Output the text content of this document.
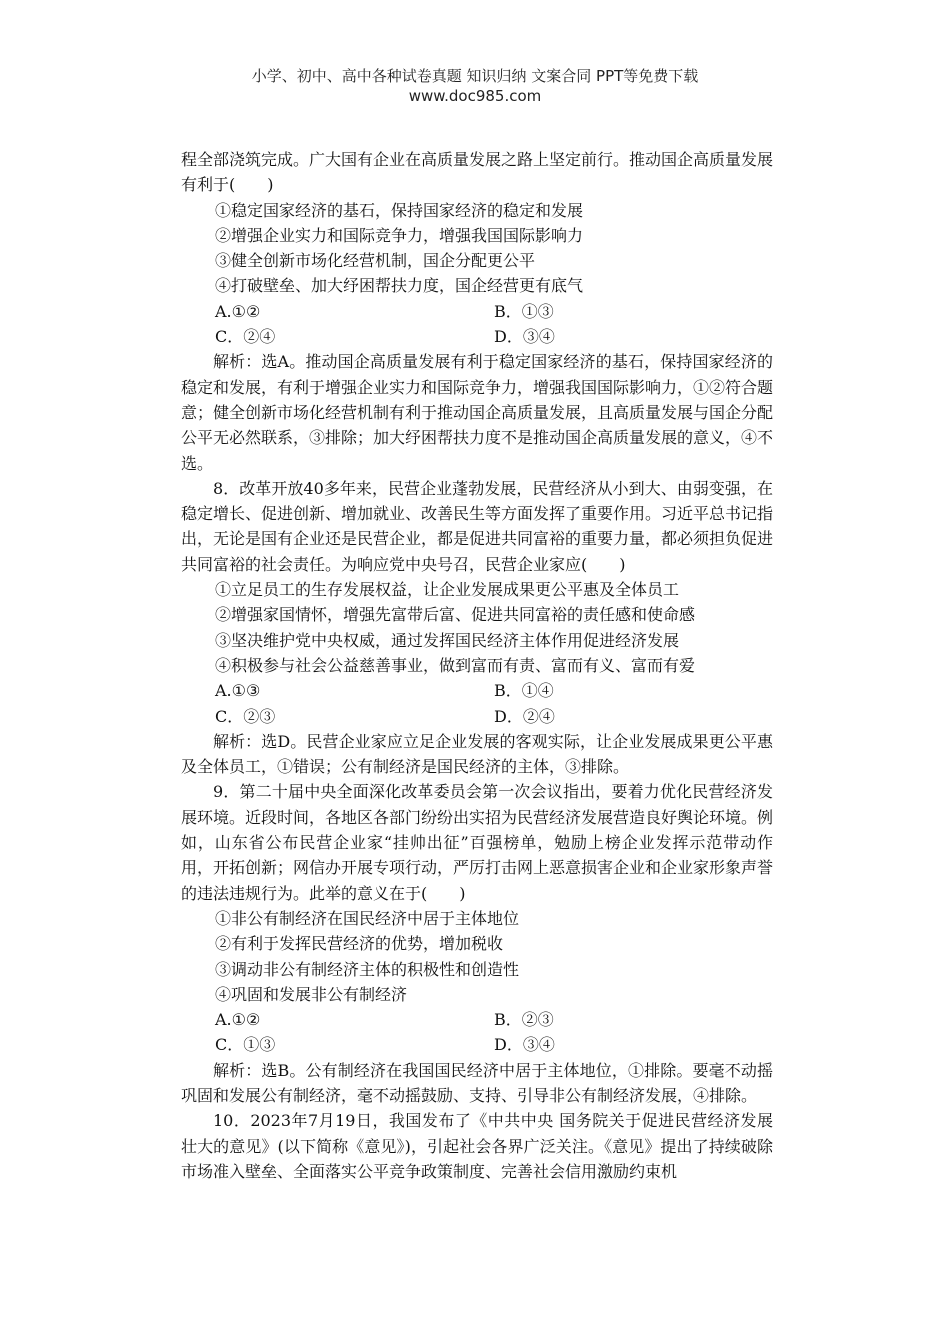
小学、初中、高中各种试卷真题 知识归纳 文案合同 PPT等免费下载
www.doc985.com

程全部浇筑完成。广大国有企业在高质量发展之路上坚定前行。推动国企高质量发展有利于(　　)

①稳定国家经济的基石，保持国家经济的稳定和发展

②增强企业实力和国际竞争力，增强我国国际影响力

③健全创新市场化经营机制，国企分配更公平

④打破壁垒、加大纾困帮扶力度，国企经营更有底气

A.①②	B．①③
C．②④	D．③④

解析：选A。推动国企高质量发展有利于稳定国家经济的基石，保持国家经济的稳定和发展，有利于增强企业实力和国际竞争力，增强我国国际影响力，①②符合题意；健全创新市场化经营机制有利于推动国企高质量发展，且高质量发展与国企分配公平无必然联系，③排除；加大纾困帮扶力度不是推动国企高质量发展的意义，④不选。

8．改革开放40多年来，民营企业蓬勃发展，民营经济从小到大、由弱变强，在稳定增长、促进创新、增加就业、改善民生等方面发挥了重要作用。习近平总书记指出，无论是国有企业还是民营企业，都是促进共同富裕的重要力量，都必须担负促进共同富裕的社会责任。为响应党中央号召，民营企业家应(　　)

①立足员工的生存发展权益，让企业发展成果更公平惠及全体员工

②增强家国情怀，增强先富带后富、促进共同富裕的责任感和使命感

③坚决维护党中央权威，通过发挥国民经济主体作用促进经济发展

④积极参与社会公益慈善事业，做到富而有责、富而有义、富而有爱

A.①③	B．①④
C．②③	D．②④

解析：选D。民营企业家应立足企业发展的客观实际，让企业发展成果更公平惠及全体员工，①错误；公有制经济是国民经济的主体，③排除。

9．第二十届中央全面深化改革委员会第一次会议指出，要着力优化民营经济发展环境。近段时间，各地区各部门纷纷出实招为民营经济发展营造良好舆论环境。例如，山东省公布民营企业家“挂帅出征”百强榜单，勉励上榜企业发挥示范带动作用，开拓创新；网信办开展专项行动，严厉打击网上恶意损害企业和企业家形象声誉的违法违规行为。此举的意义在于(　　)

①非公有制经济在国民经济中居于主体地位

②有利于发挥民营经济的优势，增加税收

③调动非公有制经济主体的积极性和创造性

④巩固和发展非公有制经济

A.①②	B．②③
C．①③	D．③④

解析：选B。公有制经济在我国国民经济中居于主体地位，①排除。要毫不动摇巩固和发展公有制经济，毫不动摇鼓励、支持、引导非公有制经济发展，④排除。

10．2023年7月19日，我国发布了《中共中央 国务院关于促进民营经济发展壮大的意见》(以下简称《意见》)，引起社会各界广泛关注。《意见》提出了持续破除市场准入壁垒、全面落实公平竞争政策制度、完善社会信用激励约束机
